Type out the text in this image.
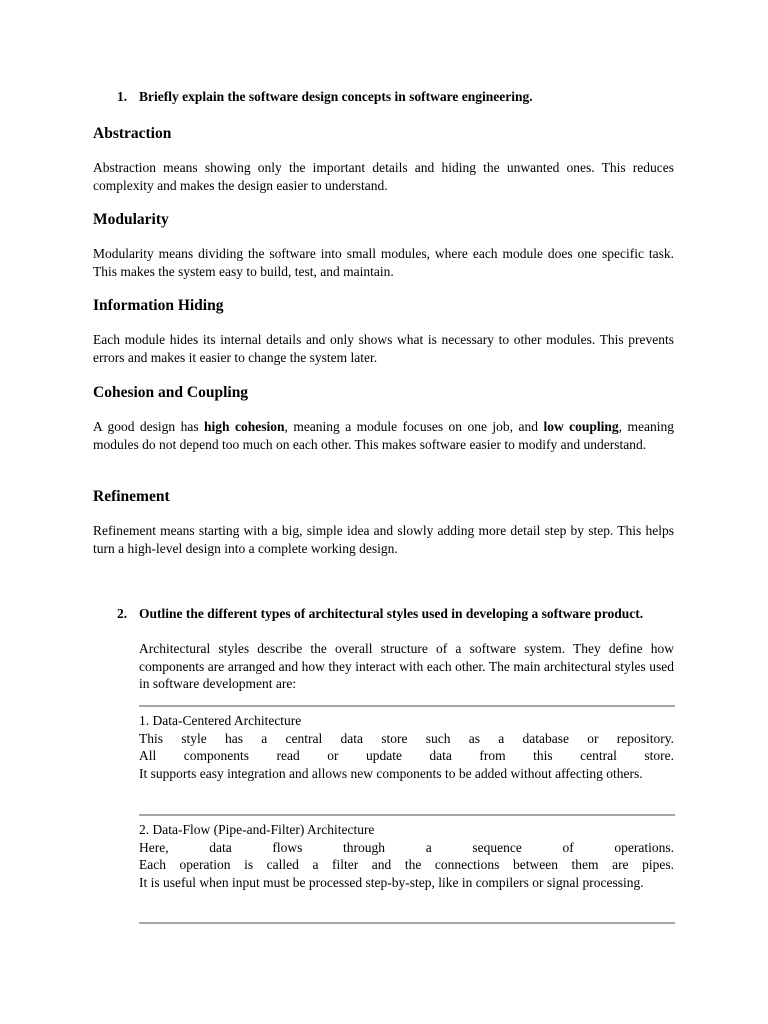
1. Briefly explain the software design concepts in software engineering.
Abstraction
Abstraction means showing only the important details and hiding the unwanted ones. This reduces complexity and makes the design easier to understand.
Modularity
Modularity means dividing the software into small modules, where each module does one specific task. This makes the system easy to build, test, and maintain.
Information Hiding
Each module hides its internal details and only shows what is necessary to other modules. This prevents errors and makes it easier to change the system later.
Cohesion and Coupling
A good design has high cohesion, meaning a module focuses on one job, and low coupling, meaning modules do not depend too much on each other. This makes software easier to modify and understand.
Refinement
Refinement means starting with a big, simple idea and slowly adding more detail step by step. This helps turn a high-level design into a complete working design.
2. Outline the different types of architectural styles used in developing a software product.
Architectural styles describe the overall structure of a software system. They define how components are arranged and how they interact with each other. The main architectural styles used in software development are:
1. Data-Centered Architecture
This style has a central data store such as a database or repository.
All components read or update data from this central store.
It supports easy integration and allows new components to be added without affecting others.
2. Data-Flow (Pipe-and-Filter) Architecture
Here, data flows through a sequence of operations.
Each operation is called a filter and the connections between them are pipes.
It is useful when input must be processed step-by-step, like in compilers or signal processing.
